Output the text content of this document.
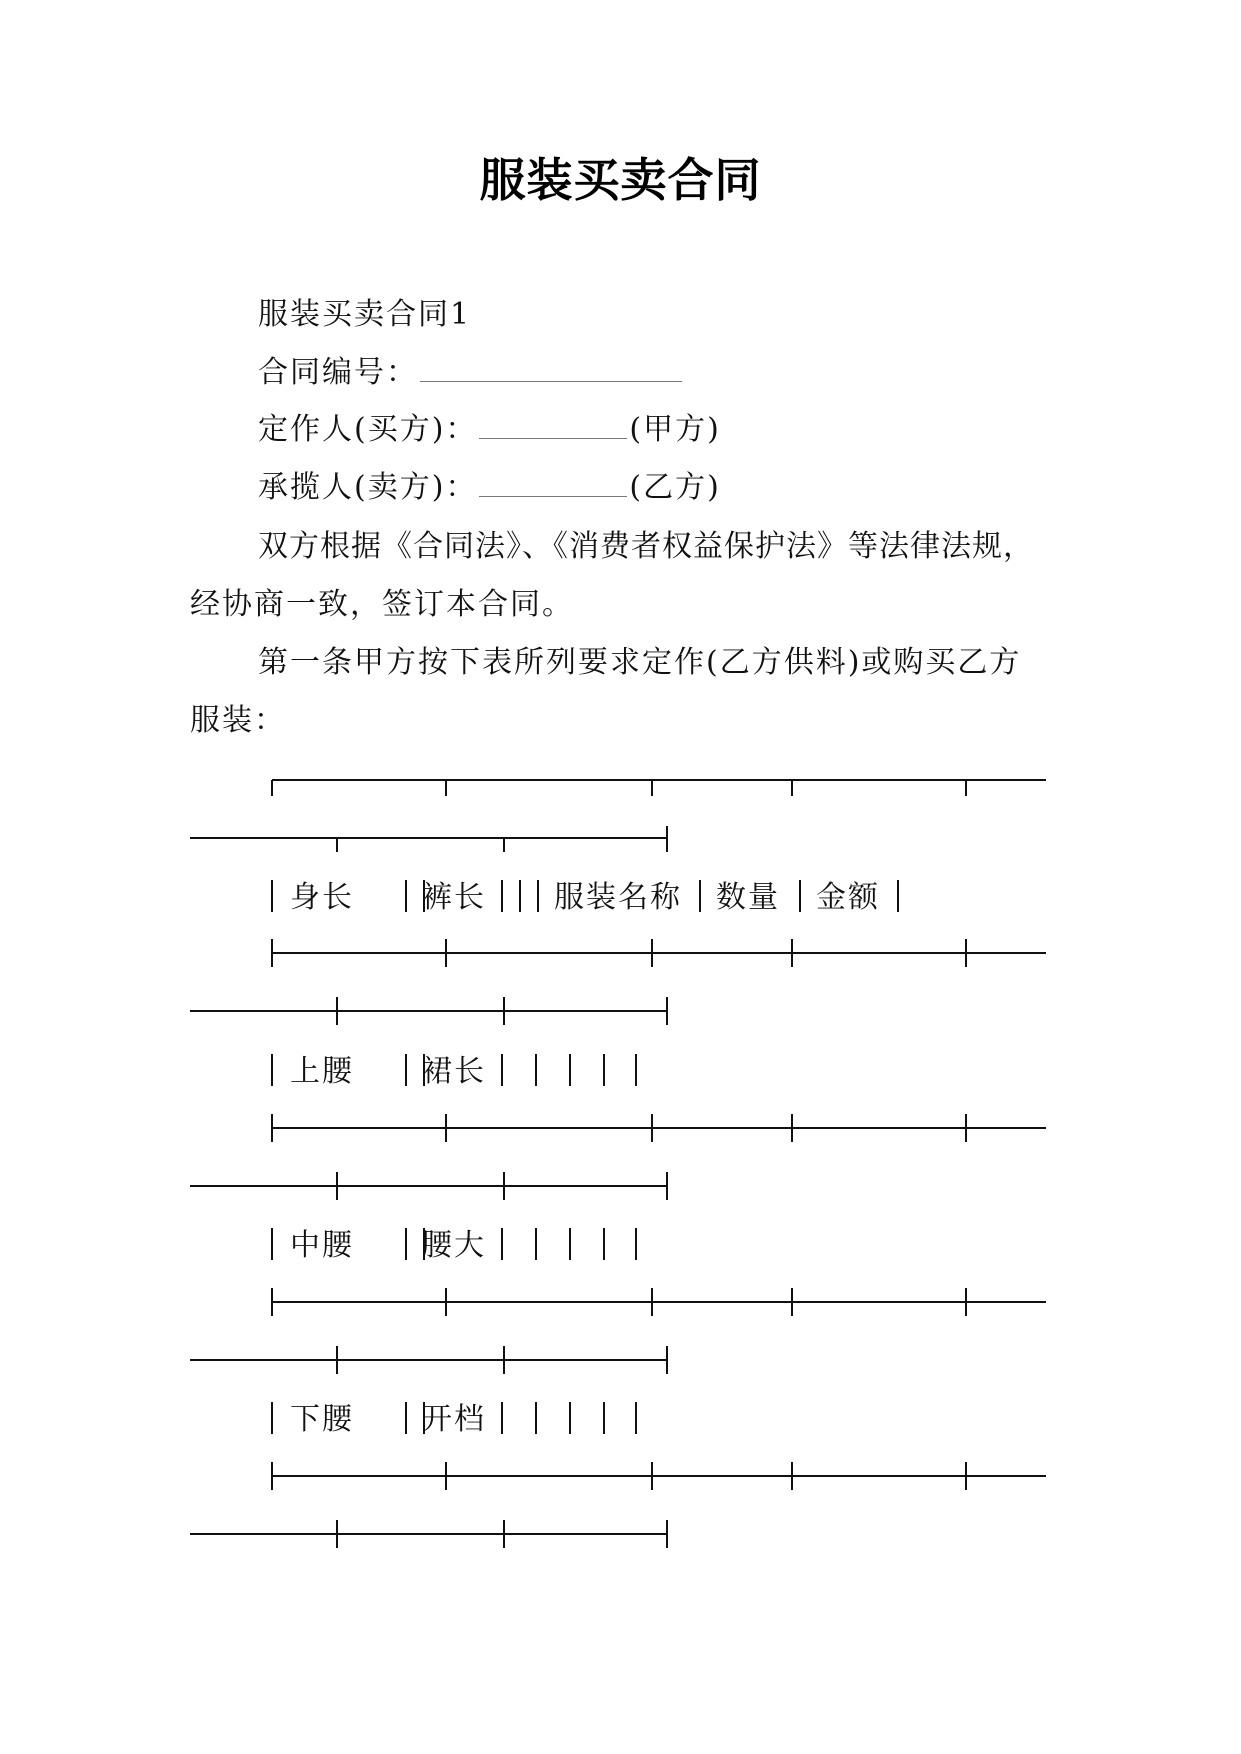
服装买卖合同
服装买卖合同1
合同编号：
定作人(买方)：	(甲方)
承揽人(卖方)：	(乙方)
双方根据《合同法》、《消费者权益保护法》等法律法规，
经协商一致，签订本合同。
第一条甲方按下表所列要求定作(乙方供料)或购买乙方
服装：
身长 裤长 服装名称 数量 金额
上腰 裙长
中腰 腰大
下腰 开档
